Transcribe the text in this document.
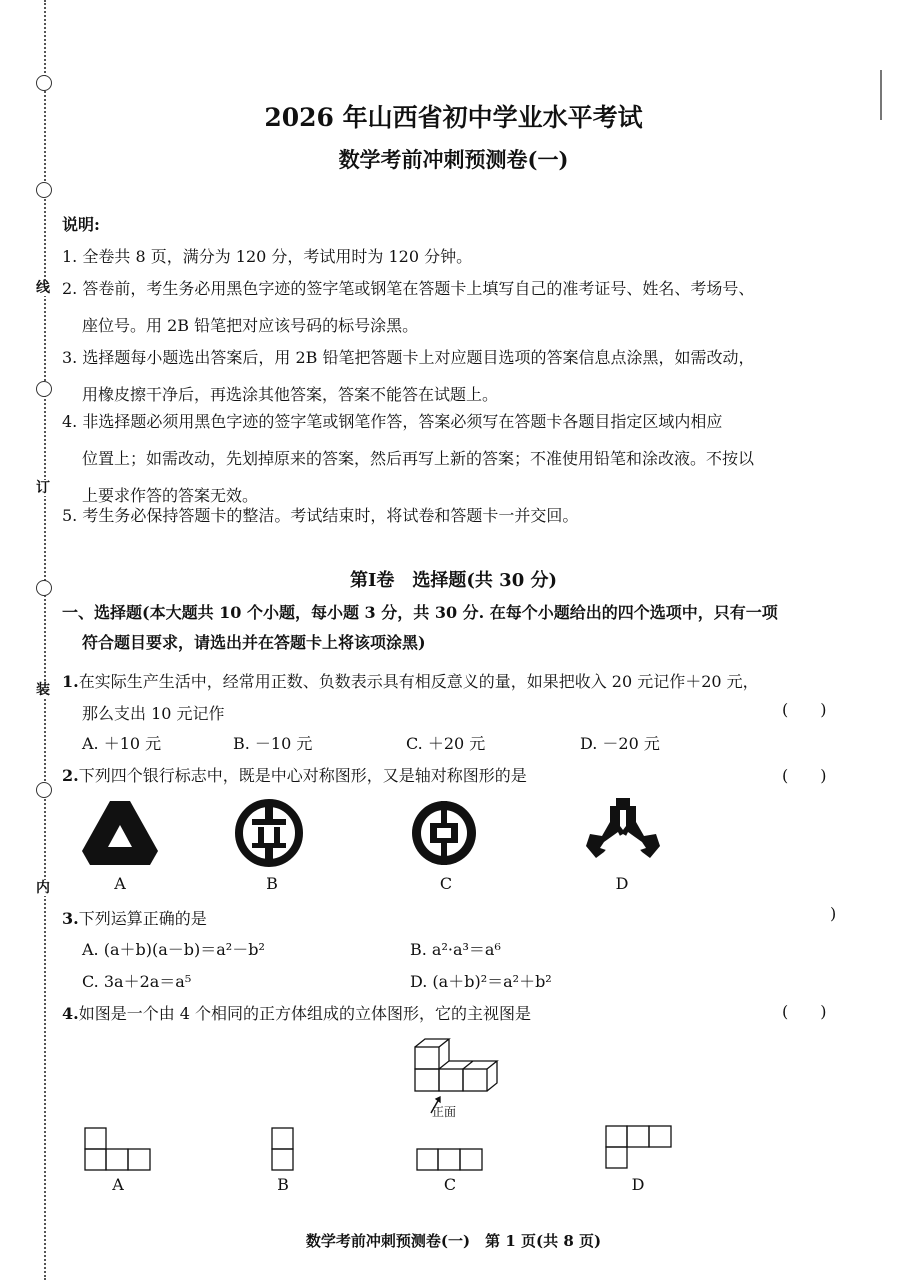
线
订
装
内
2026 年山西省初中学业水平考试
数学考前冲刺预测卷(一)
说明:
1. 全卷共 8 页，满分为 120 分，考试用时为 120 分钟。
2. 答卷前，考生务必用黑色字迹的签字笔或钢笔在答题卡上填写自己的准考证号、姓名、考场号、
座位号。用 2B 铅笔把对应该号码的标号涂黑。
3. 选择题每小题选出答案后，用 2B 铅笔把答题卡上对应题目选项的答案信息点涂黑，如需改动，
用橡皮擦干净后，再选涂其他答案，答案不能答在试题上。
4. 非选择题必须用黑色字迹的签字笔或钢笔作答，答案必须写在答题卡各题目指定区域内相应
位置上；如需改动，先划掉原来的答案，然后再写上新的答案；不准使用铅笔和涂改液。不按以
上要求作答的答案无效。
5. 考生务必保持答题卡的整洁。考试结束时，将试卷和答题卡一并交回。
第Ⅰ卷　选择题(共 30 分)
一、选择题(本大题共 10 个小题，每小题 3 分，共 30 分. 在每个小题给出的四个选项中，只有一项
符合题目要求，请选出并在答题卡上将该项涂黑)
1.在实际生产生活中，经常用正数、负数表示具有相反意义的量，如果把收入 20 元记作＋20 元，
那么支出 10 元记作	(　　)
A. ＋10 元	B. －10 元	C. ＋20 元	D. －20 元
2.下列四个银行标志中，既是中心对称图形，又是轴对称图形的是	(　　)
A	B	C	D
3.下列运算正确的是	)
A. (a＋b)(a－b)＝a²－b²	B. a²·a³＝a⁶
C. 3a＋2a＝a⁵	D. (a＋b)²＝a²＋b²
4.如图是一个由 4 个相同的正方体组成的立体图形，它的主视图是	(　　)
正面
A	B	C	D
数学考前冲刺预测卷(一)　第 1 页(共 8 页)
